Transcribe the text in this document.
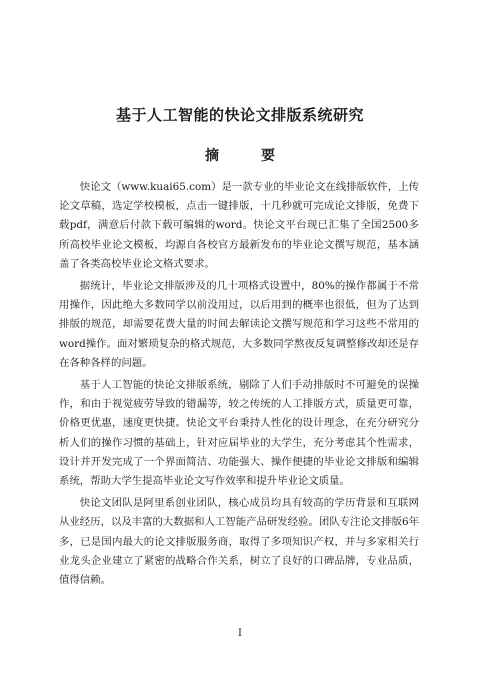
基于人工智能的快论文排版系统研究
摘　要

快论文（www.kuai65.com）是一款专业的毕业论文在线排版软件，上传论文草稿，选定学校模板，点击一键排版，十几秒就可完成论文排版，免费下载pdf，满意后付款下载可编辑的word。快论文平台现已汇集了全国2500多所高校毕业论文模板，均源自各校官方最新发布的毕业论文撰写规范，基本涵盖了各类高校毕业论文格式要求。

据统计，毕业论文排版涉及的几十项格式设置中，80%的操作都属于不常用操作，因此绝大多数同学以前没用过，以后用到的概率也很低，但为了达到排版的规范，却需要花费大量的时间去解读论文撰写规范和学习这些不常用的word操作。面对繁琐复杂的格式规范，大多数同学熬夜反复调整修改却还是存在各种各样的问题。

基于人工智能的快论文排版系统，剔除了人们手动排版时不可避免的误操作，和由于视觉疲劳导致的错漏等，较之传统的人工排版方式，质量更可靠，价格更优惠，速度更快捷。快论文平台秉持人性化的设计理念，在充分研究分析人们的操作习惯的基础上，针对应届毕业的大学生，充分考虑其个性需求，设计并开发完成了一个界面简洁、功能强大、操作便捷的毕业论文排版和编辑系统，帮助大学生提高毕业论文写作效率和提升毕业论文质量。

快论文团队是阿里系创业团队，核心成员均具有较高的学历背景和互联网从业经历，以及丰富的大数据和人工智能产品研发经验。团队专注论文排版6年多，已是国内最大的论文排版服务商，取得了多项知识产权，并与多家相关行业龙头企业建立了紧密的战略合作关系，树立了良好的口碑品牌，专业品质，值得信赖。

I
